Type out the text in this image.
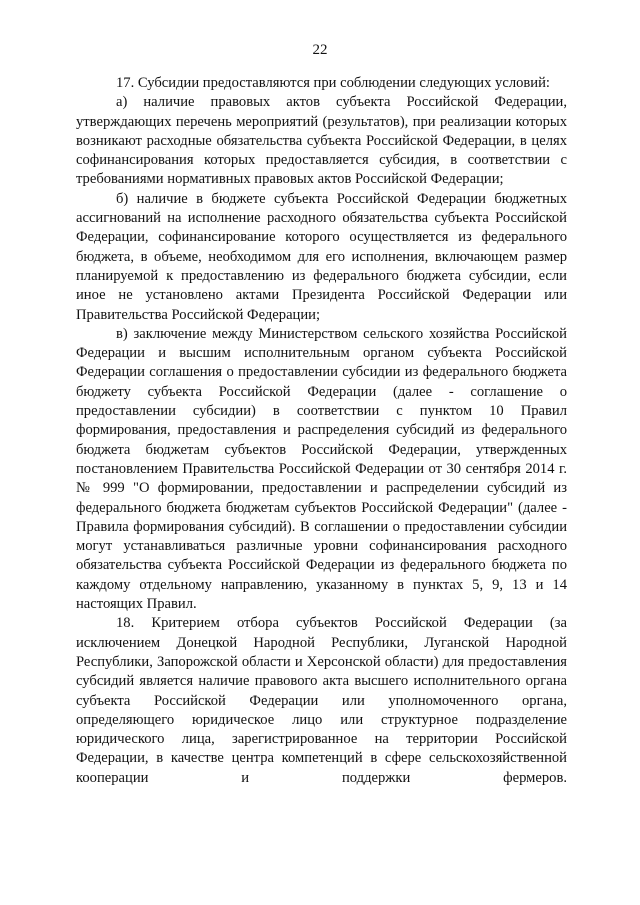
22

17. Субсидии предоставляются при соблюдении следующих условий:

а) наличие правовых актов субъекта Российской Федерации, утверждающих перечень мероприятий (результатов), при реализации которых возникают расходные обязательства субъекта Российской Федерации, в целях софинансирования которых предоставляется субсидия, в соответствии с требованиями нормативных правовых актов Российской Федерации;

б) наличие в бюджете субъекта Российской Федерации бюджетных ассигнований на исполнение расходного обязательства субъекта Российской Федерации, софинансирование которого осуществляется из федерального бюджета, в объеме, необходимом для его исполнения, включающем размер планируемой к предоставлению из федерального бюджета субсидии, если иное не установлено актами Президента Российской Федерации или Правительства Российской Федерации;

в) заключение между Министерством сельского хозяйства Российской Федерации и высшим исполнительным органом субъекта Российской Федерации соглашения о предоставлении субсидии из федерального бюджета бюджету субъекта Российской Федерации (далее - соглашение о предоставлении субсидии) в соответствии с пунктом 10 Правил формирования, предоставления и распределения субсидий из федерального бюджета бюджетам субъектов Российской Федерации, утвержденных постановлением Правительства Российской Федерации от 30 сентября 2014 г. № 999 "О формировании, предоставлении и распределении субсидий из федерального бюджета бюджетам субъектов Российской Федерации" (далее - Правила формирования субсидий). В соглашении о предоставлении субсидии могут устанавливаться различные уровни софинансирования расходного обязательства субъекта Российской Федерации из федерального бюджета по каждому отдельному направлению, указанному в пунктах 5, 9, 13 и 14 настоящих Правил.

18. Критерием отбора субъектов Российской Федерации (за исключением Донецкой Народной Республики, Луганской Народной Республики, Запорожской области и Херсонской области) для предоставления субсидий является наличие правового акта высшего исполнительного органа субъекта Российской Федерации или уполномоченного органа, определяющего юридическое лицо или структурное подразделение юридического лица, зарегистрированное на территории Российской Федерации, в качестве центра компетенций в сфере сельскохозяйственной кооперации и поддержки фермеров.
